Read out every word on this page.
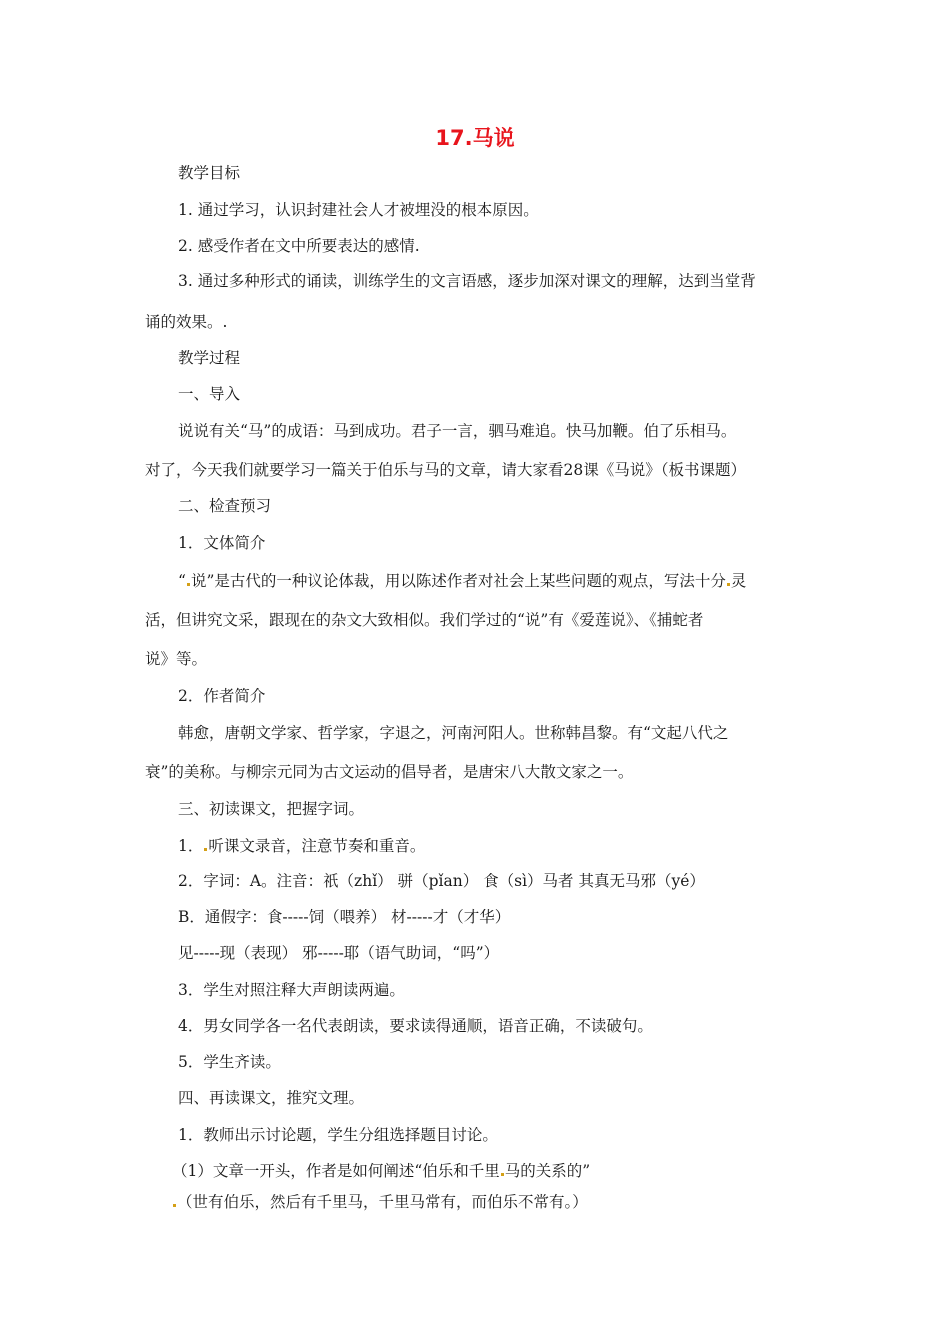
17.马说
教学目标
1. 通过学习，认识封建社会人才被埋没的根本原因。
2. 感受作者在文中所要表达的感情.
3. 通过多种形式的诵读，训练学生的文言语感，逐步加深对课文的理解，达到当堂背
诵的效果。.
教学过程
一、导入
说说有关“马”的成语：马到成功。君子一言，驷马难追。快马加鞭。伯了乐相马。
对了，今天我们就要学习一篇关于伯乐与马的文章，请大家看28课《马说》（板书课题）
二、检查预习
1．文体简介
“ 说”是古代的一种议论体裁，用以陈述作者对社会上某些问题的观点，写法十分 灵
活，但讲究文采，跟现在的杂文大致相似。我们学过的“说”有《爱莲说》、《捕蛇者
说》等。
2．作者简介
韩愈，唐朝文学家、哲学家，字退之，河南河阳人。世称韩昌黎。有“文起八代之
衰”的美称。与柳宗元同为古文运动的倡导者，是唐宋八大散文家之一。
三、初读课文，把握字词。
1． 听课文录音，注意节奏和重音。
2．字词：A。注音：祇（zhǐ） 骈（pǐan） 食（sì）马者 其真无马邪（yé）
B．通假字：食-----饲（喂养） 材-----才（才华）
见-----现（表现） 邪-----耶（语气助词，“吗”）
3．学生对照注释大声朗读两遍。
4．男女同学各一名代表朗读，要求读得通顺，语音正确，不读破句。
5．学生齐读。
四、再读课文，推究文理。
1．教师出示讨论题，学生分组选择题目讨论。
（1）文章一开头，作者是如何阐述“伯乐和千里 马的关系的”
（世有伯乐，然后有千里马，千里马常有，而伯乐不常有。）
